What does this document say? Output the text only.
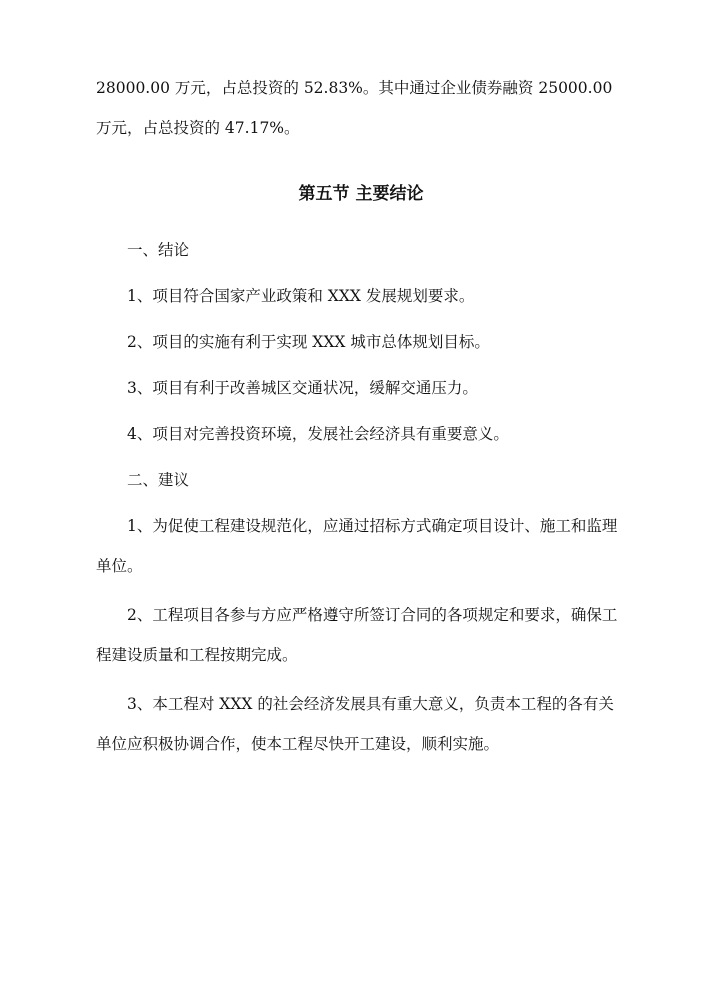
28000.00 万元，占总投资的 52.83%。其中通过企业债券融资 25000.00 万元，占总投资的 47.17%。

第五节 主要结论

一、结论

1、项目符合国家产业政策和 XXX 发展规划要求。

2、项目的实施有利于实现 XXX 城市总体规划目标。

3、项目有利于改善城区交通状况，缓解交通压力。

4、项目对完善投资环境，发展社会经济具有重要意义。

二、建议

1、为促使工程建设规范化，应通过招标方式确定项目设计、施工和监理单位。

2、工程项目各参与方应严格遵守所签订合同的各项规定和要求，确保工程建设质量和工程按期完成。

3、本工程对 XXX 的社会经济发展具有重大意义，负责本工程的各有关单位应积极协调合作，使本工程尽快开工建设，顺利实施。
